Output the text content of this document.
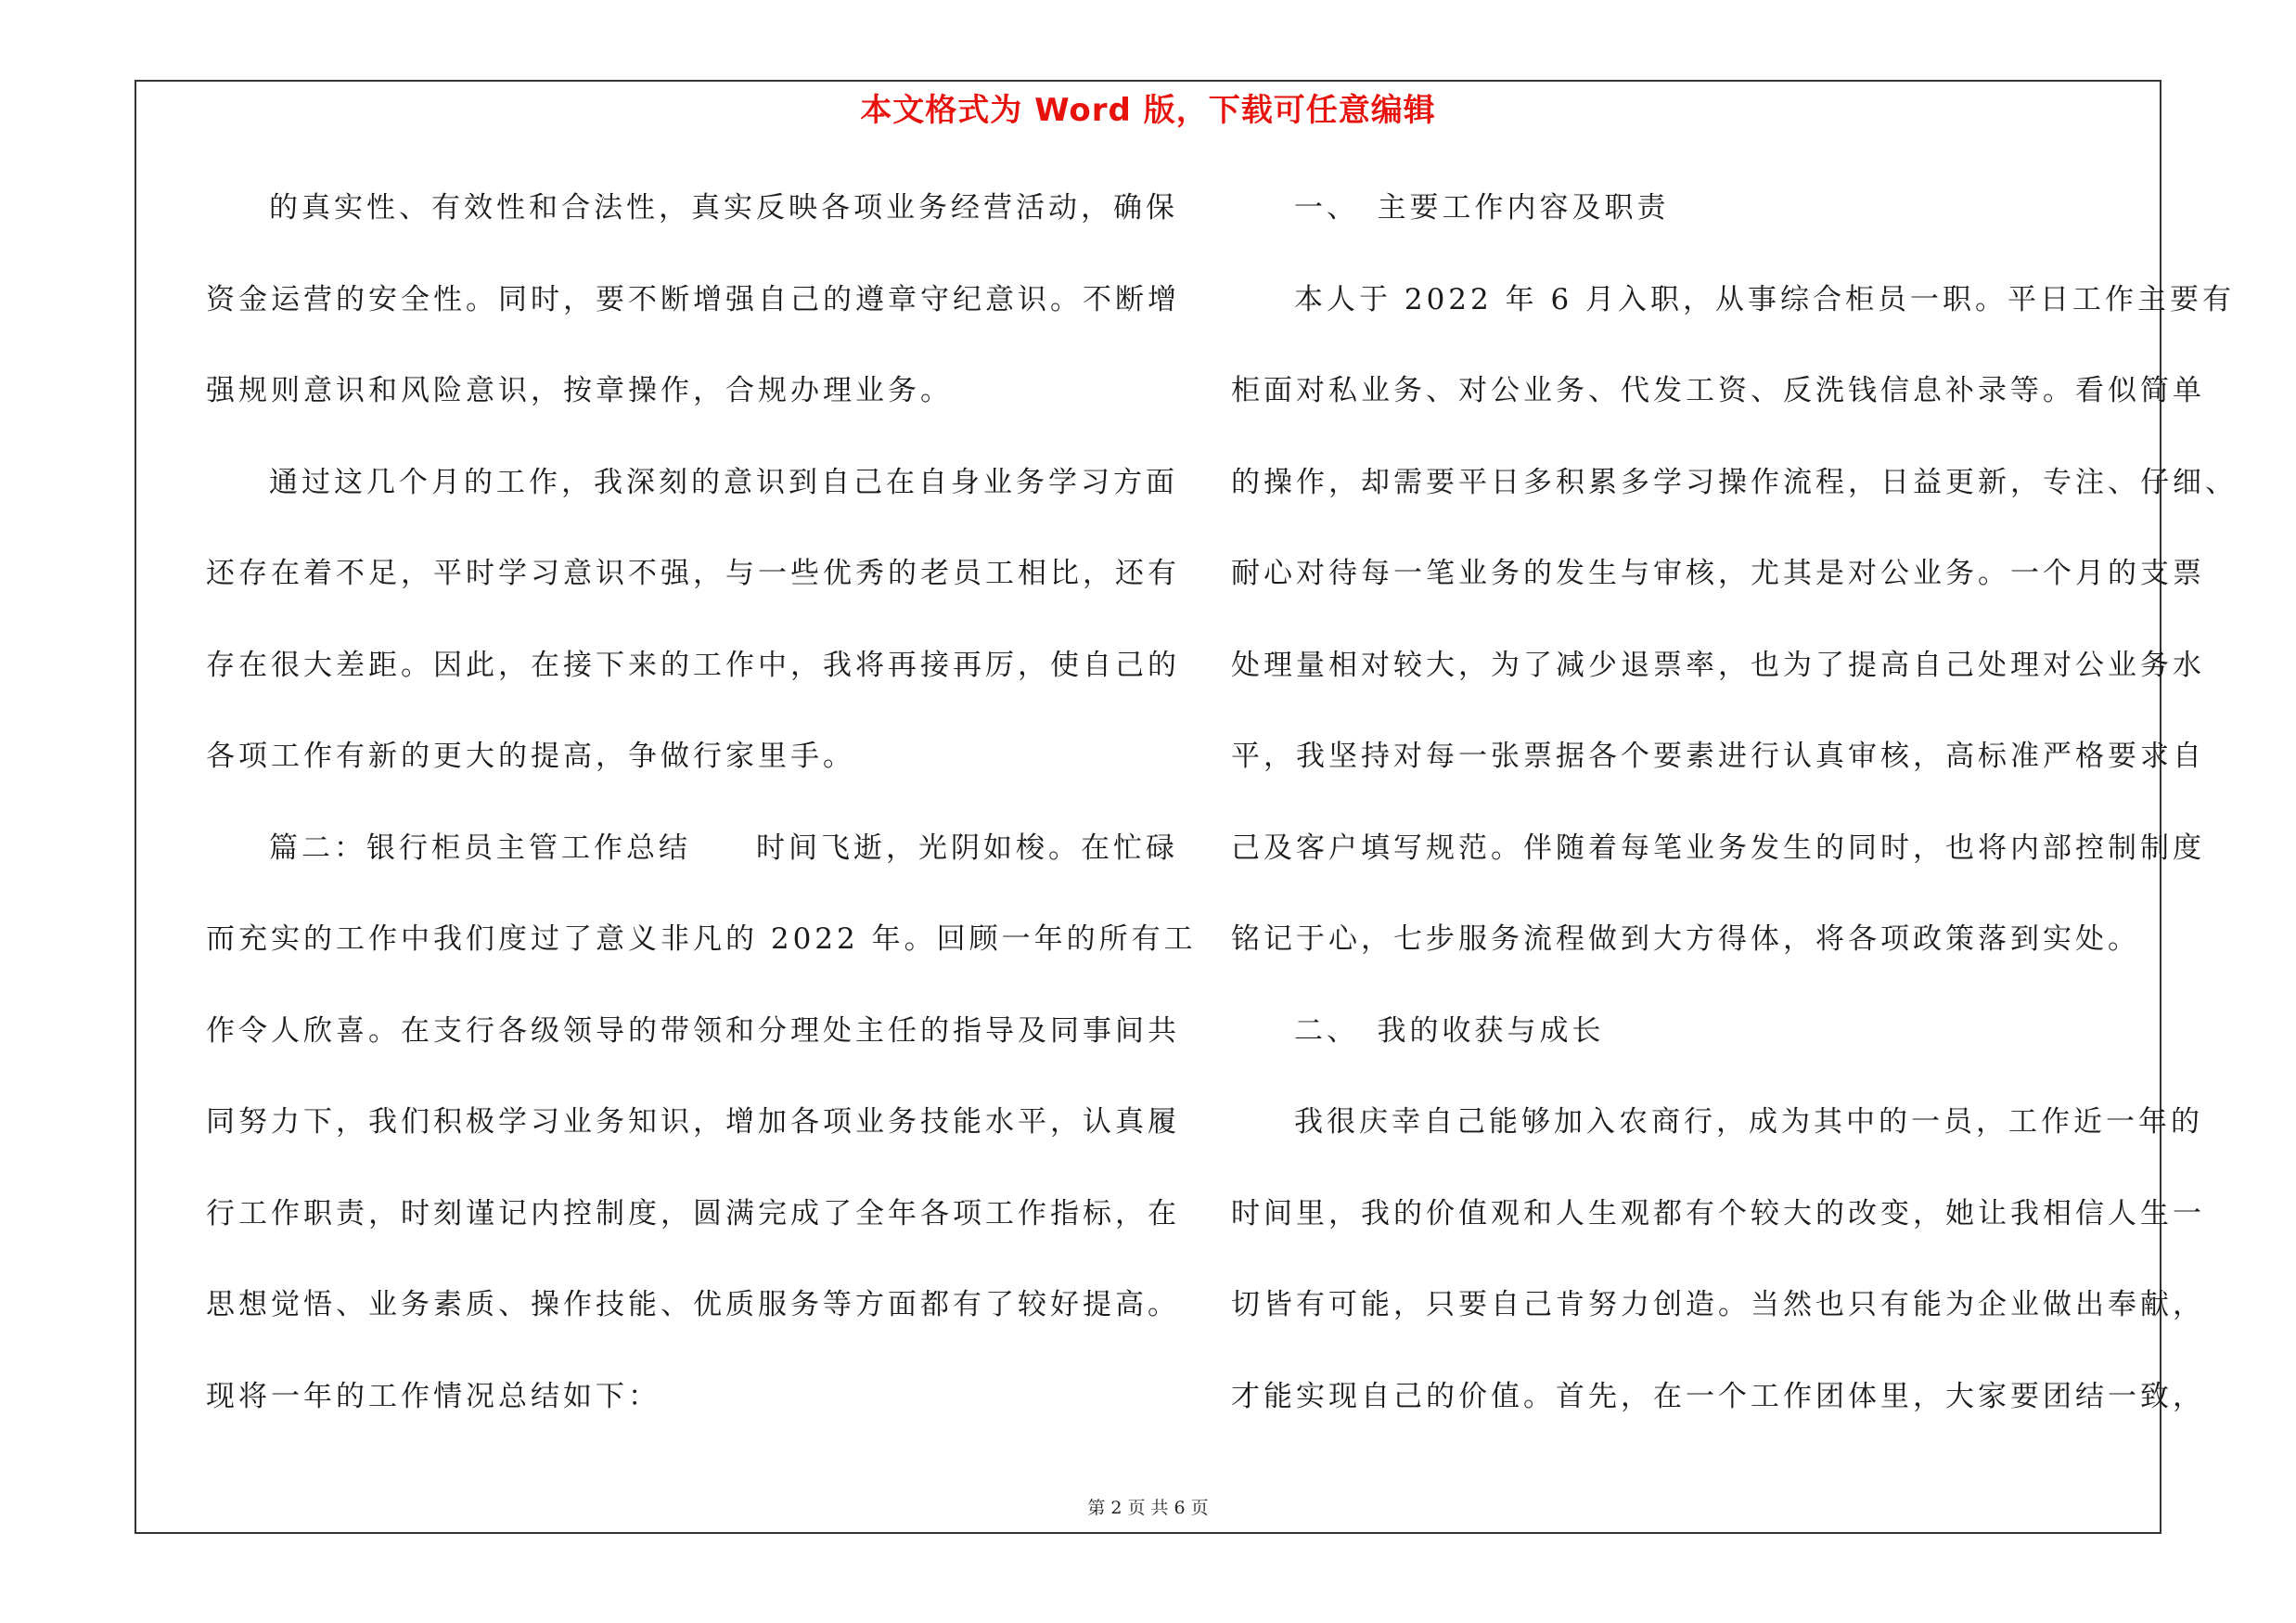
本文格式为 Word 版，下载可任意编辑
的真实性、有效性和合法性，真实反映各项业务经营活动，确保
资金运营的安全性。同时，要不断增强自己的遵章守纪意识。不断增
强规则意识和风险意识，按章操作，合规办理业务。
通过这几个月的工作，我深刻的意识到自己在自身业务学习方面
还存在着不足，平时学习意识不强，与一些优秀的老员工相比，还有
存在很大差距。因此，在接下来的工作中，我将再接再厉，使自己的
各项工作有新的更大的提高，争做行家里手。
篇二：银行柜员主管工作总结　　时间飞逝，光阴如梭。在忙碌
而充实的工作中我们度过了意义非凡的 2022 年。回顾一年的所有工
作令人欣喜。在支行各级领导的带领和分理处主任的指导及同事间共
同努力下，我们积极学习业务知识，增加各项业务技能水平，认真履
行工作职责，时刻谨记内控制度，圆满完成了全年各项工作指标，在
思想觉悟、业务素质、操作技能、优质服务等方面都有了较好提高。
现将一年的工作情况总结如下：
一、　主要工作内容及职责
本人于 2022 年 6 月入职，从事综合柜员一职。平日工作主要有
柜面对私业务、对公业务、代发工资、反洗钱信息补录等。看似简单
的操作，却需要平日多积累多学习操作流程，日益更新，专注、仔细、
耐心对待每一笔业务的发生与审核，尤其是对公业务。一个月的支票
处理量相对较大，为了减少退票率，也为了提高自己处理对公业务水
平，我坚持对每一张票据各个要素进行认真审核，高标准严格要求自
己及客户填写规范。伴随着每笔业务发生的同时，也将内部控制制度
铭记于心，七步服务流程做到大方得体，将各项政策落到实处。
二、　我的收获与成长
我很庆幸自己能够加入农商行，成为其中的一员，工作近一年的
时间里，我的价值观和人生观都有个较大的改变，她让我相信人生一
切皆有可能，只要自己肯努力创造。当然也只有能为企业做出奉献，
才能实现自己的价值。首先，在一个工作团体里，大家要团结一致，
第 2 页 共 6 页
